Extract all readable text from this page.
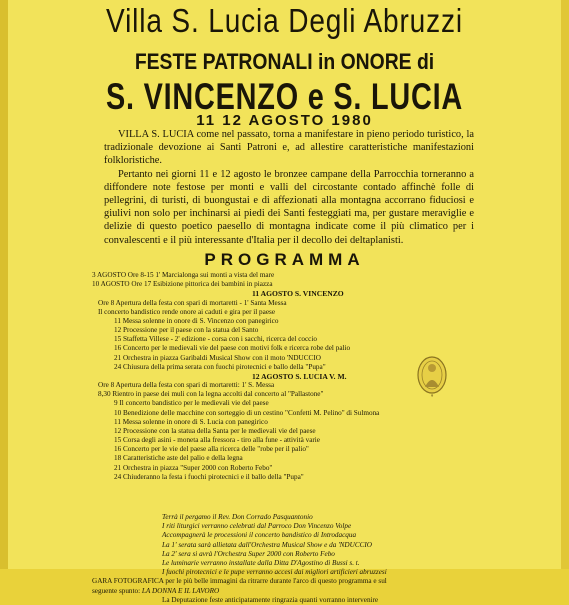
Villa S. Lucia Degli Abruzzi
FESTE PATRONALI in ONORE di
S. VINCENZO e S. LUCIA
11 12 AGOSTO 1980

VILLA S. LUCIA come nel passato, torna a manifestare in pieno periodo turistico, la tradizionale devozione ai Santi Patroni e, ad allestire caratteristiche manifestazioni folkloristiche.

Pertanto nei giorni 11 e 12 agosto le bronzee campane della Parrocchia torneranno a diffondere note festose per monti e valli del circostante contado affinchè folle di pellegrini, di turisti, di buongustai e di affezionati alla montagna accorrano fiduciosi e giulivi non solo per inchinarsi ai piedi dei Santi festeggiati ma, per gustare meraviglie e delizie di questo poetico paesello di montagna indicate come il più climatico per i convalescenti e il più interessante d'Italia per il decollo dei deltaplanisti.

PROGRAMMA
3 AGOSTO Ore 8-15 1' Marcialonga sui monti a vista del mare
10 AGOSTO Ore 17 Esibizione pittorica dei bambini in piazza
11 AGOSTO S. VINCENZO
Ore 8 Apertura della festa con spari di mortaretti - 1' Santa Messa
Il concerto bandistico rende onore ai caduti e gira per il paese
11 Messa solenne in onore di S. Vincenzo con panegirico
12 Processione per il paese con la statua del Santo
15 Staffetta Villese - 2' edizione - corsa con i sacchi, ricerca del coccio
16 Concerto per le medievali vie del paese con motivi folk e ricerca robe del palio
21 Orchestra in piazza Garibaldi Musical Show con il moto 'NDUCCIO
24 Chiusura della prima serata con fuochi pirotecnici e ballo della "Pupa"
12 AGOSTO S. LUCIA V. M.
Ore 8 Apertura della festa con spari di mortaretti: 1' S. Messa
8,30 Rientro in paese dei muli con la legna accolti dal concerto al "Pallastone"
9 Il concerto bandistico per le medievali vie del paese
10 Benedizione delle macchine con sorteggio di un cestino "Confetti M. Pelino" di Sulmona
11 Messa solenne in onore di S. Lucia con panegirico
12 Processione con la statua della Santa per le medievali vie del paese
15 Corsa degli asini - moneta alla fressora - tiro alla fune - attività varie
16 Concerto per le vie del paese alla ricerca delle "robe per il palio"
18 Caratteristiche aste del palio e della legna
21 Orchestra in piazza "Super 2000 con Roberto Febo"
24 Chiuderanno la festa i fuochi pirotecnici e il ballo della "Pupa"
✝
Terrà il pergamo il Rev. Don Corrado Pasquantonio
I riti liturgici verranno celebrati dal Parroco Don Vincenzo Volpe
Accompagnerà le processioni il concerto bandistico di Introdacqua
La 1' serata sarà allietata dall'Orchestra Musical Show e da 'NDUCCIO
La 2' sera si avrà l'Orchestra Super 2000 con Roberto Febo
Le luminarie verranno installate dalla Ditta D'Agostino di Bussi s. t.
I fuochi pirotecnici e le pupe verranno accesi dai migliori artificieri abruzzesi
GARA FOTOGRAFICA per le più belle immagini da ritrarre durante l'arco di questo programma e sul
seguente spunto: LA DONNA E IL LAVORO
La Deputazione feste anticipatamente ringrazia quanti vorranno intervenire
